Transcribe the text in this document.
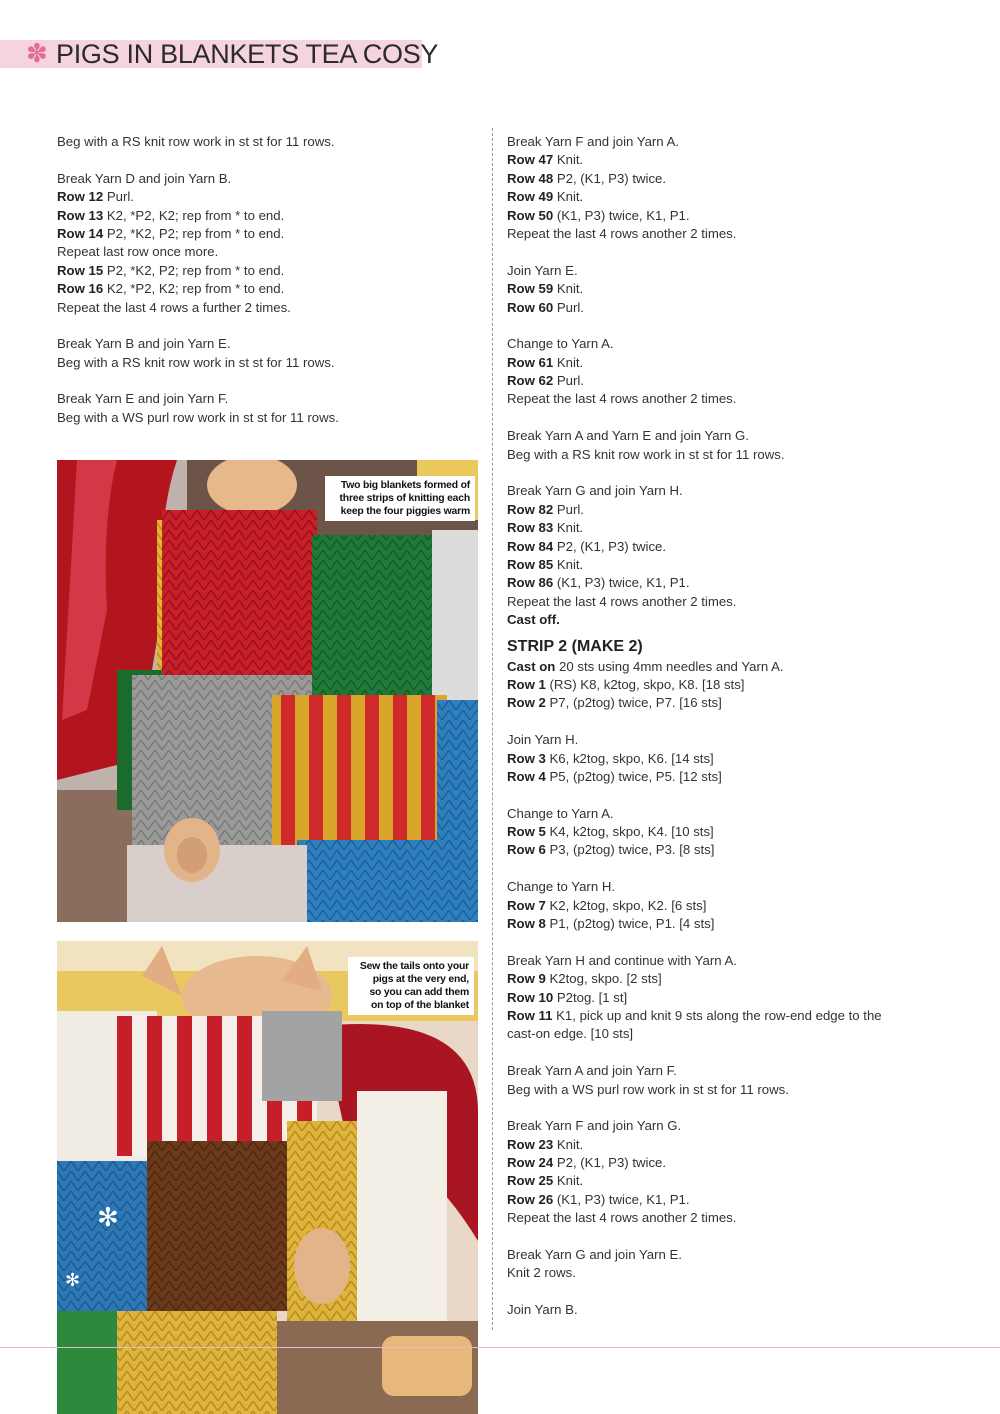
✽ PIGS IN BLANKETS TEA COSY
Beg with a RS knit row work in st st for 11 rows.
Break Yarn D and join Yarn B.
Row 12 Purl.
Row 13 K2, *P2, K2; rep from * to end.
Row 14 P2, *K2, P2; rep from * to end.
Repeat last row once more.
Row 15 P2, *K2, P2; rep from * to end.
Row 16 K2, *P2, K2; rep from * to end.
Repeat the last 4 rows a further 2 times.
Break Yarn B and join Yarn E.
Beg with a RS knit row work in st st for 11 rows.
Break Yarn E and join Yarn F.
Beg with a WS purl row work in st st for 11 rows.
Break Yarn F and join Yarn A.
Row 47 Knit.
Row 48 P2, (K1, P3) twice.
Row 49 Knit.
Row 50 (K1, P3) twice, K1, P1.
Repeat the last 4 rows another 2 times.
Join Yarn E.
Row 59 Knit.
Row 60 Purl.
Change to Yarn A.
Row 61 Knit.
Row 62 Purl.
Repeat the last 4 rows another 2 times.
Break Yarn A and Yarn E and join Yarn G.
Beg with a RS knit row work in st st for 11 rows.
Break Yarn G and join Yarn H.
Row 82 Purl.
Row 83 Knit.
Row 84 P2, (K1, P3) twice.
Row 85 Knit.
Row 86 (K1, P3) twice, K1, P1.
Repeat the last 4 rows another 2 times.
Cast off.
STRIP 2 (MAKE 2)
Cast on 20 sts using 4mm needles and Yarn A.
Row 1 (RS) K8, k2tog, skpo, K8. [18 sts]
Row 2 P7, (p2tog) twice, P7. [16 sts]
Join Yarn H.
Row 3 K6, k2tog, skpo, K6. [14 sts]
Row 4 P5, (p2tog) twice, P5. [12 sts]
Change to Yarn A.
Row 5 K4, k2tog, skpo, K4. [10 sts]
Row 6 P3, (p2tog) twice, P3. [8 sts]
Change to Yarn H.
Row 7 K2, k2tog, skpo, K2. [6 sts]
Row 8 P1, (p2tog) twice, P1. [4 sts]
Break Yarn H and continue with Yarn A.
Row 9 K2tog, skpo. [2 sts]
Row 10 P2tog. [1 st]
Row 11 K1, pick up and knit 9 sts along the row-end edge to the
cast-on edge. [10 sts]
Break Yarn A and join Yarn F.
Beg with a WS purl row work in st st for 11 rows.
Break Yarn F and join Yarn G.
Row 23 Knit.
Row 24 P2, (K1, P3) twice.
Row 25 Knit.
Row 26 (K1, P3) twice, K1, P1.
Repeat the last 4 rows another 2 times.
Break Yarn G and join Yarn E.
Knit 2 rows.
Join Yarn B.
Two big blankets formed of
three strips of knitting each
keep the four piggies warm
✻
✻
Sew the tails onto your
pigs at the very end,
so you can add them
on top of the blanket
